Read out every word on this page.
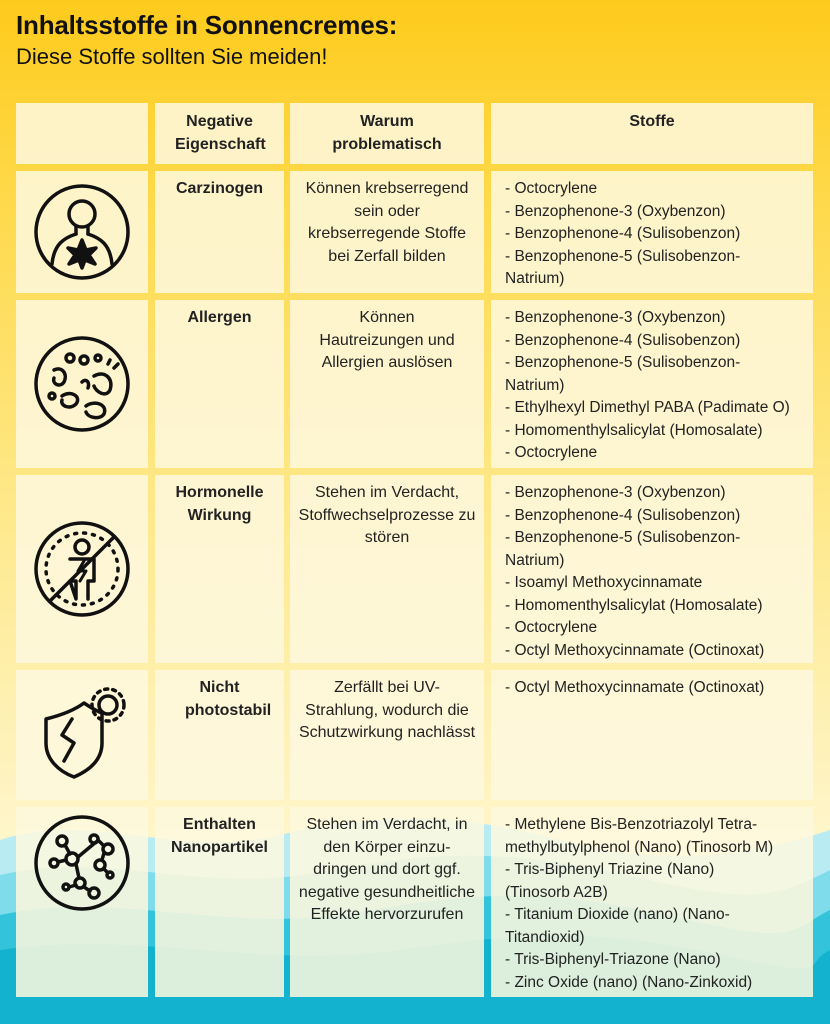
Inhaltsstoffe in Sonnencremes:
Diese Stoffe sollten Sie meiden!
Negative Eigenschaft
Warum problematisch
Stoffe
Carzinogen	Können krebserregend sein oder krebserregende Stoffe bei Zerfall bilden
- Octocrylene
- Benzophenone-3 (Oxybenzon)
- Benzophenone-4 (Sulisobenzon)
- Benzophenone-5 (Sulisobenzon-Natrium)
Allergen	Können Hautreizungen und Allergien auslösen
- Benzophenone-3 (Oxybenzon)
- Benzophenone-4 (Sulisobenzon)
- Benzophenone-5 (Sulisobenzon-Natrium)
- Ethylhexyl Dimethyl PABA (Padimate O)
- Homomenthylsalicylat (Homosalate)
- Octocrylene
Hormonelle Wirkung
Stehen im Verdacht, Stoffwechselprozesse zu stören
- Benzophenone-3 (Oxybenzon)
- Benzophenone-4 (Sulisobenzon)
- Benzophenone-5 (Sulisobenzon-Natrium)
- Isoamyl Methoxycinnamate
- Homomenthylsalicylat (Homosalate)
- Octocrylene
- Octyl Methoxycinnamate (Octinoxat)
Nicht photostabil
Zerfällt bei UV-Strahlung, wodurch die Schutzwirkung nachlässt
- Octyl Methoxycinnamate (Octinoxat)
Enthalten Nanopartikel
Stehen im Verdacht, in den Körper einzu-dringen und dort ggf. negative gesundheitliche Effekte hervorzurufen
- Methylene Bis-Benzotriazolyl Tetra-methylbutylphenol (Nano) (Tinosorb M)
- Tris-Biphenyl Triazine (Nano) (Tinosorb A2B)
- Titanium Dioxide (nano) (Nano-Titandioxid)
- Tris-Biphenyl-Triazone (Nano)
- Zinc Oxide (nano) (Nano-Zinkoxid)
